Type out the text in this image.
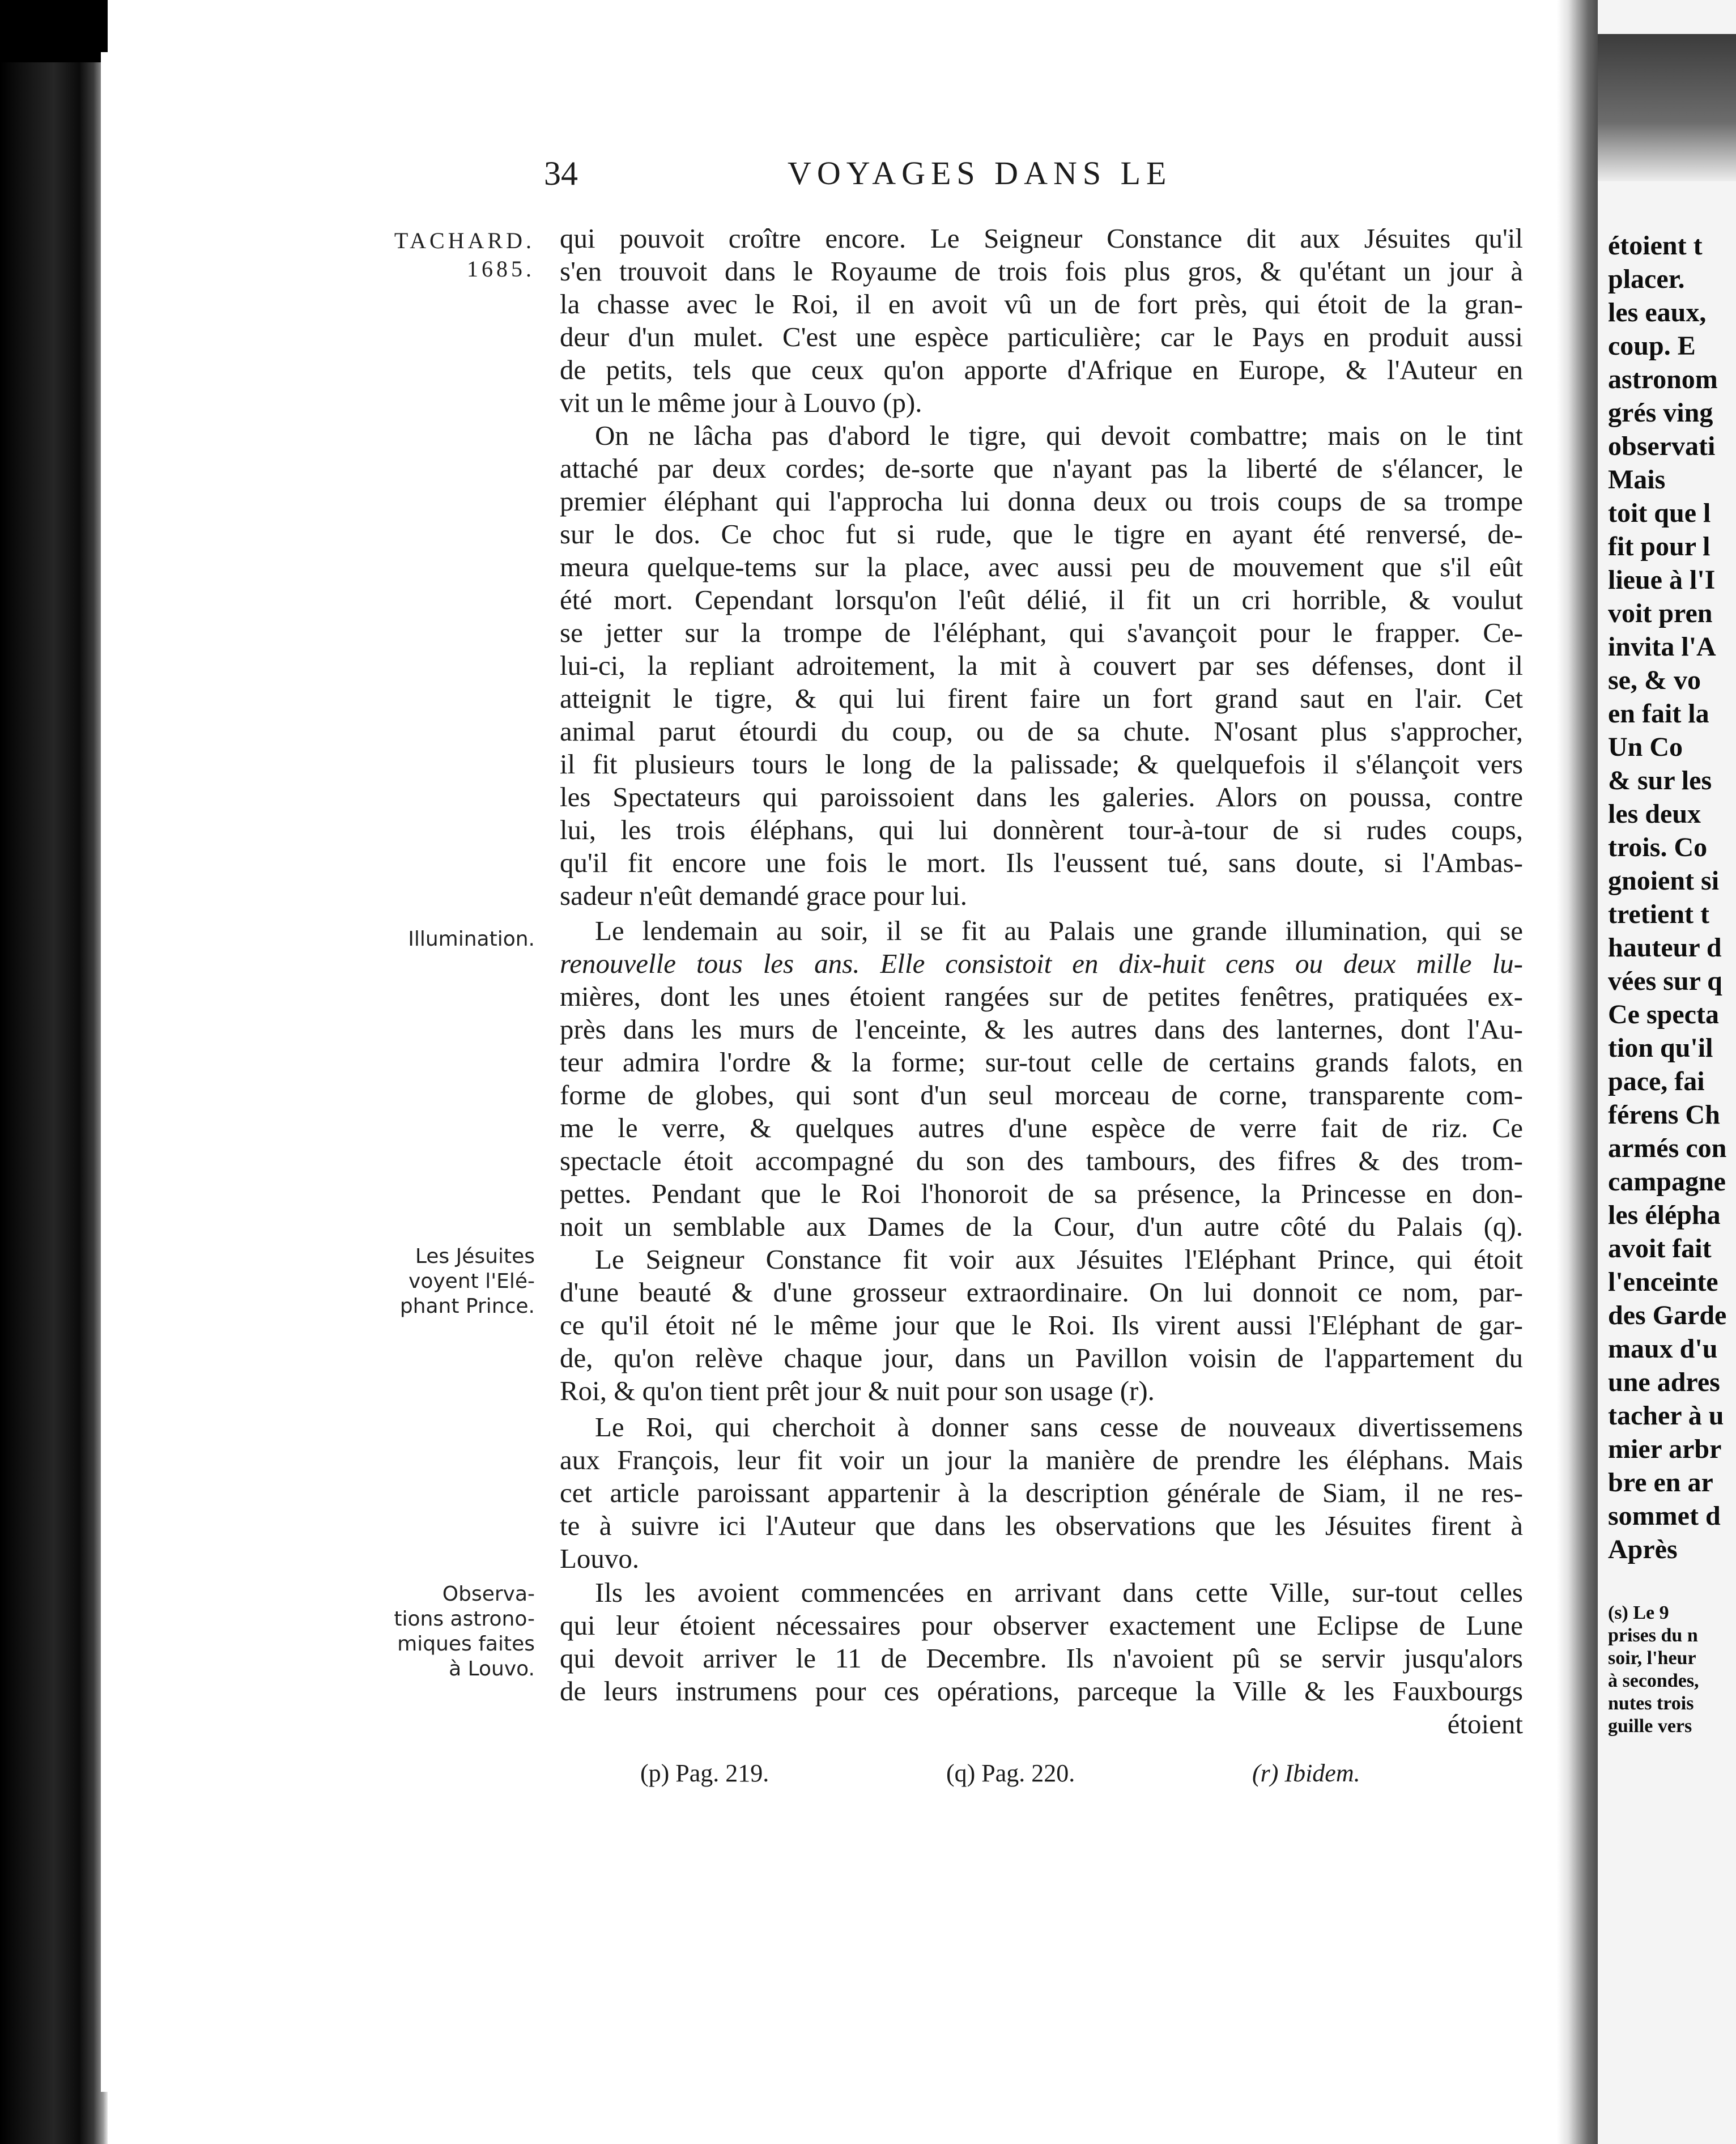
34	VOYAGES DANS LE
TACHARD.
1685.
Illumination.
Les Jésuites
voyent l'Elé-
phant Prince.
Observa-
tions astrono-
miques faites
à Louvo.
qui pouvoit croître encore. Le Seigneur Constance dit aux Jésuites qu'il
s'en trouvoit dans le Royaume de trois fois plus gros, & qu'étant un jour à
la chasse avec le Roi, il en avoit vû un de fort près, qui étoit de la gran-
deur d'un mulet. C'est une espèce particulière; car le Pays en produit aussi
de petits, tels que ceux qu'on apporte d'Afrique en Europe, & l'Auteur en
vit un le même jour à Louvo (p).
On ne lâcha pas d'abord le tigre, qui devoit combattre; mais on le tint
attaché par deux cordes; de-sorte que n'ayant pas la liberté de s'élancer, le
premier éléphant qui l'approcha lui donna deux ou trois coups de sa trompe
sur le dos. Ce choc fut si rude, que le tigre en ayant été renversé, de-
meura quelque-tems sur la place, avec aussi peu de mouvement que s'il eût
été mort. Cependant lorsqu'on l'eût délié, il fit un cri horrible, & voulut
se jetter sur la trompe de l'éléphant, qui s'avançoit pour le frapper. Ce-
lui-ci, la repliant adroitement, la mit à couvert par ses défenses, dont il
atteignit le tigre, & qui lui firent faire un fort grand saut en l'air. Cet
animal parut étourdi du coup, ou de sa chute. N'osant plus s'approcher,
il fit plusieurs tours le long de la palissade; & quelquefois il s'élançoit vers
les Spectateurs qui paroissoient dans les galeries. Alors on poussa, contre
lui, les trois éléphans, qui lui donnèrent tour-à-tour de si rudes coups,
qu'il fit encore une fois le mort. Ils l'eussent tué, sans doute, si l'Ambas-
sadeur n'eût demandé grace pour lui.
Le lendemain au soir, il se fit au Palais une grande illumination, qui se
renouvelle tous les ans. Elle consistoit en dix-huit cens ou deux mille lu-
mières, dont les unes étoient rangées sur de petites fenêtres, pratiquées ex-
près dans les murs de l'enceinte, & les autres dans des lanternes, dont l'Au-
teur admira l'ordre & la forme; sur-tout celle de certains grands falots, en
forme de globes, qui sont d'un seul morceau de corne, transparente com-
me le verre, & quelques autres d'une espèce de verre fait de riz. Ce
spectacle étoit accompagné du son des tambours, des fifres & des trom-
pettes. Pendant que le Roi l'honoroit de sa présence, la Princesse en don-
noit un semblable aux Dames de la Cour, d'un autre côté du Palais (q).
Le Seigneur Constance fit voir aux Jésuites l'Eléphant Prince, qui étoit
d'une beauté & d'une grosseur extraordinaire. On lui donnoit ce nom, par-
ce qu'il étoit né le même jour que le Roi. Ils virent aussi l'Eléphant de gar-
de, qu'on relève chaque jour, dans un Pavillon voisin de l'appartement du
Roi, & qu'on tient prêt jour & nuit pour son usage (r).
Le Roi, qui cherchoit à donner sans cesse de nouveaux divertissemens
aux François, leur fit voir un jour la manière de prendre les éléphans. Mais
cet article paroissant appartenir à la description générale de Siam, il ne res-
te à suivre ici l'Auteur que dans les observations que les Jésuites firent à
Louvo.
Ils les avoient commencées en arrivant dans cette Ville, sur-tout celles
qui leur étoient nécessaires pour observer exactement une Eclipse de Lune
qui devoit arriver le 11 de Decembre. Ils n'avoient pû se servir jusqu'alors
de leurs instrumens pour ces opérations, parceque la Ville & les Fauxbourgs
étoient
(p) Pag. 219.	(q) Pag. 220.	(r) Ibidem.
étoient t
placer.
les eaux,
coup. E
astronom
grés ving
observati
Mais
toit que l
fit pour l
lieue à l'I
voit pren
invita l'A
se, & vo
en fait la
Un Co
& sur les
les deux
trois. Co
gnoient si
tretient t
hauteur d
vées sur q
Ce specta
tion qu'il
pace, fai
férens Ch
armés con
campagne
les élépha
avoit fait
l'enceinte
des Garde
maux d'u
une adres
tacher à u
mier arbr
bre en ar
sommet d
Après
(s) Le 9
prises du n
soir, l'heur
à secondes,
nutes trois
guille vers
